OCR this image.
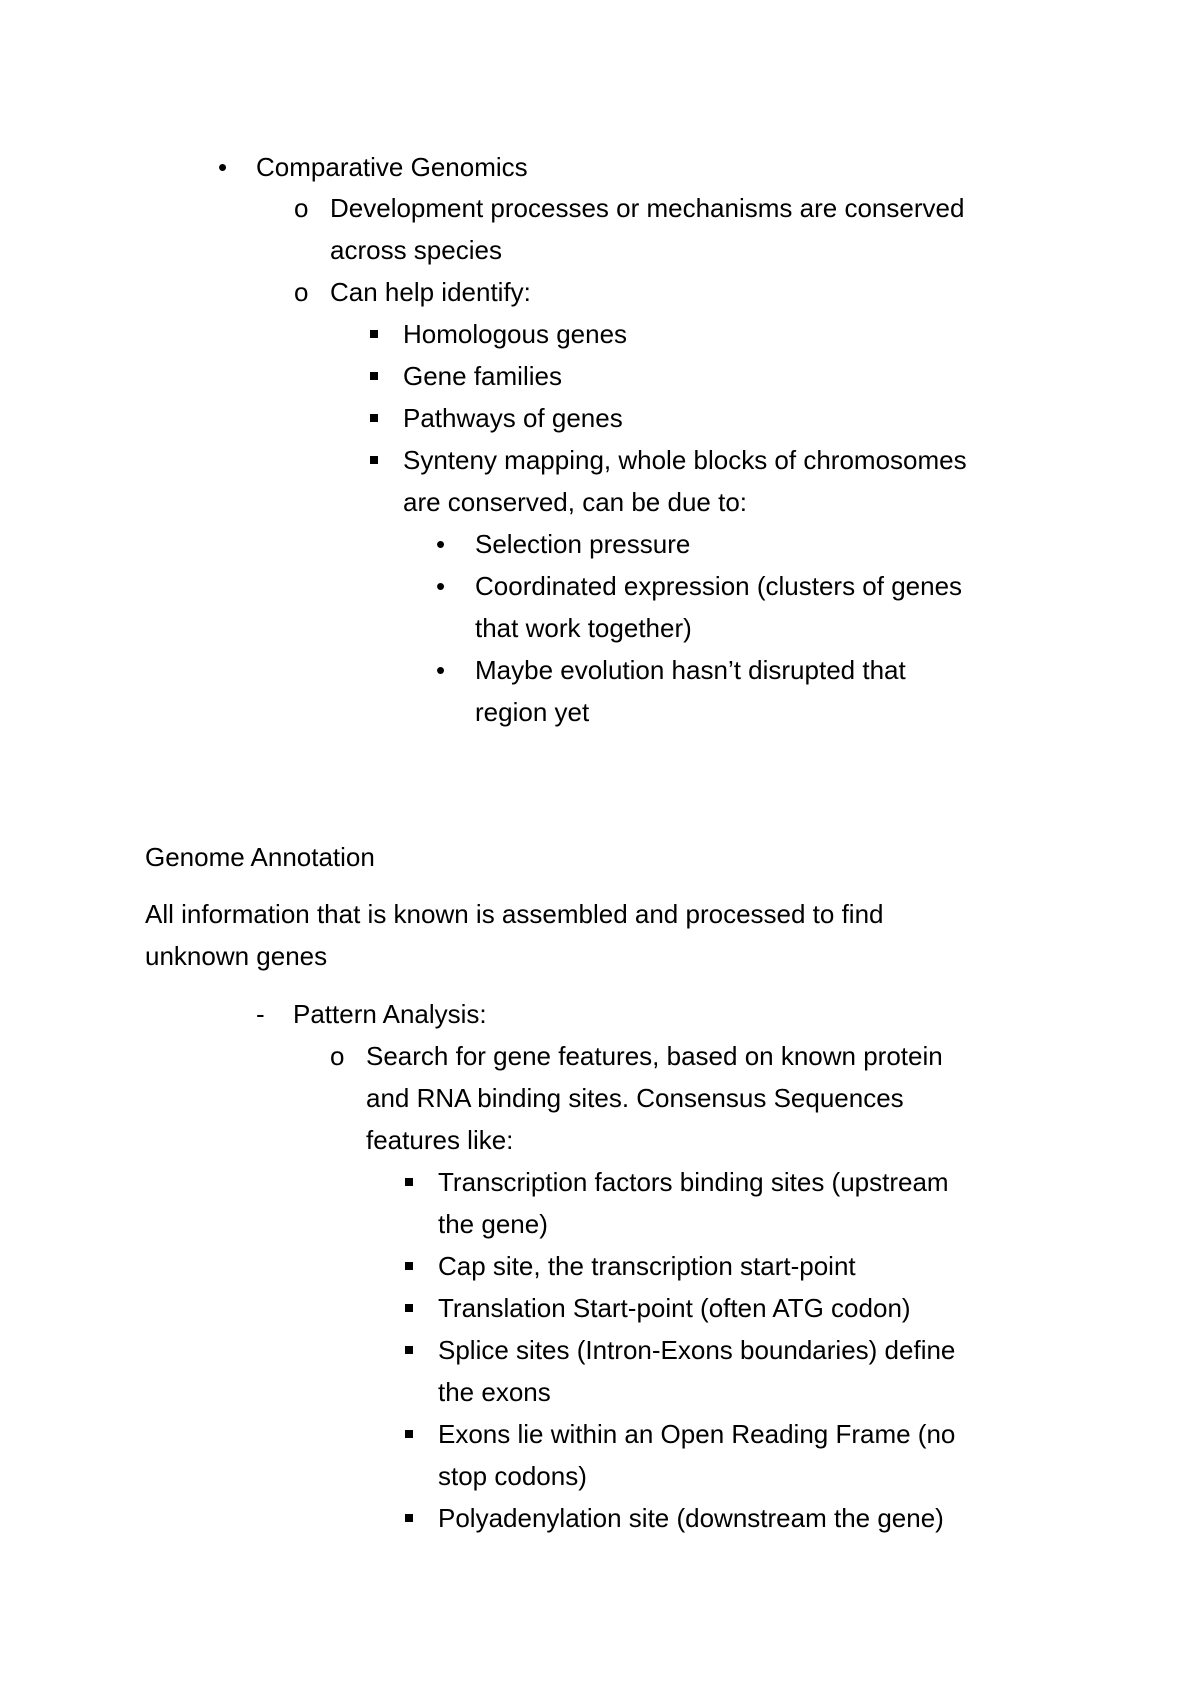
• Comparative Genomics
o Development processes or mechanisms are conserved
across species
o Can help identify:
Homologous genes
Gene families
Pathways of genes
Synteny mapping, whole blocks of chromosomes
are conserved, can be due to:
• Selection pressure
• Coordinated expression (clusters of genes
that work together)
• Maybe evolution hasn’t disrupted that
region yet
Genome Annotation
All information that is known is assembled and processed to find
unknown genes
- Pattern Analysis:
o Search for gene features, based on known protein
and RNA binding sites. Consensus Sequences
features like:
Transcription factors binding sites (upstream
the gene)
Cap site, the transcription start-point
Translation Start-point (often ATG codon)
Splice sites (Intron-Exons boundaries) define
the exons
Exons lie within an Open Reading Frame (no
stop codons)
Polyadenylation site (downstream the gene)
